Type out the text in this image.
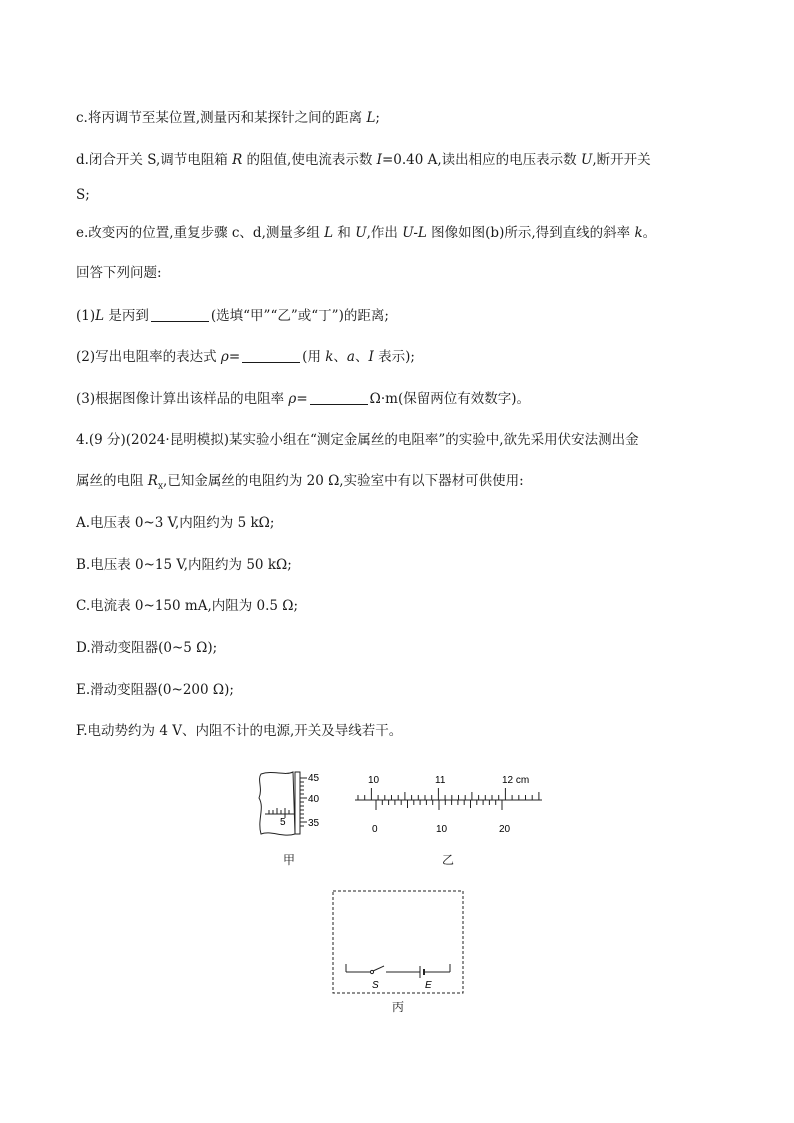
c.将丙调节至某位置,测量丙和某探针之间的距离 L;
d.闭合开关 S,调节电阻箱 R 的阻值,使电流表示数 I=0.40 A,读出相应的电压表示数 U,断开开关
S;
e.改变丙的位置,重复步骤 c、d,测量多组 L 和 U,作出 U-L 图像如图(b)所示,得到直线的斜率 k。
回答下列问题:
(1)L 是丙到	(选填“甲”“乙”或“丁”)的距离;
(2)写出电阻率的表达式 ρ=	(用 k、a、I 表示);
(3)根据图像计算出该样品的电阻率 ρ=	Ω·m(保留两位有效数字)。
4.(9 分)(2024·昆明模拟)某实验小组在“测定金属丝的电阻率”的实验中,欲先采用伏安法测出金
属丝的电阻 $R_x$,已知金属丝的电阻约为 20 Ω,实验室中有以下器材可供使用:
A.电压表 0~3 V,内阻约为 5 kΩ;
B.电压表 0~15 V,内阻约为 50 kΩ;
C.电流表 0~150 mA,内阻为 0.5 Ω;
D.滑动变阻器(0~5 Ω);
E.滑动变阻器(0~200 Ω);
F.电动势约为 4 V、内阻不计的电源,开关及导线若干。
45
40
35
5
甲
10	11	12 cm
0	10	20
乙
S	E
丙
